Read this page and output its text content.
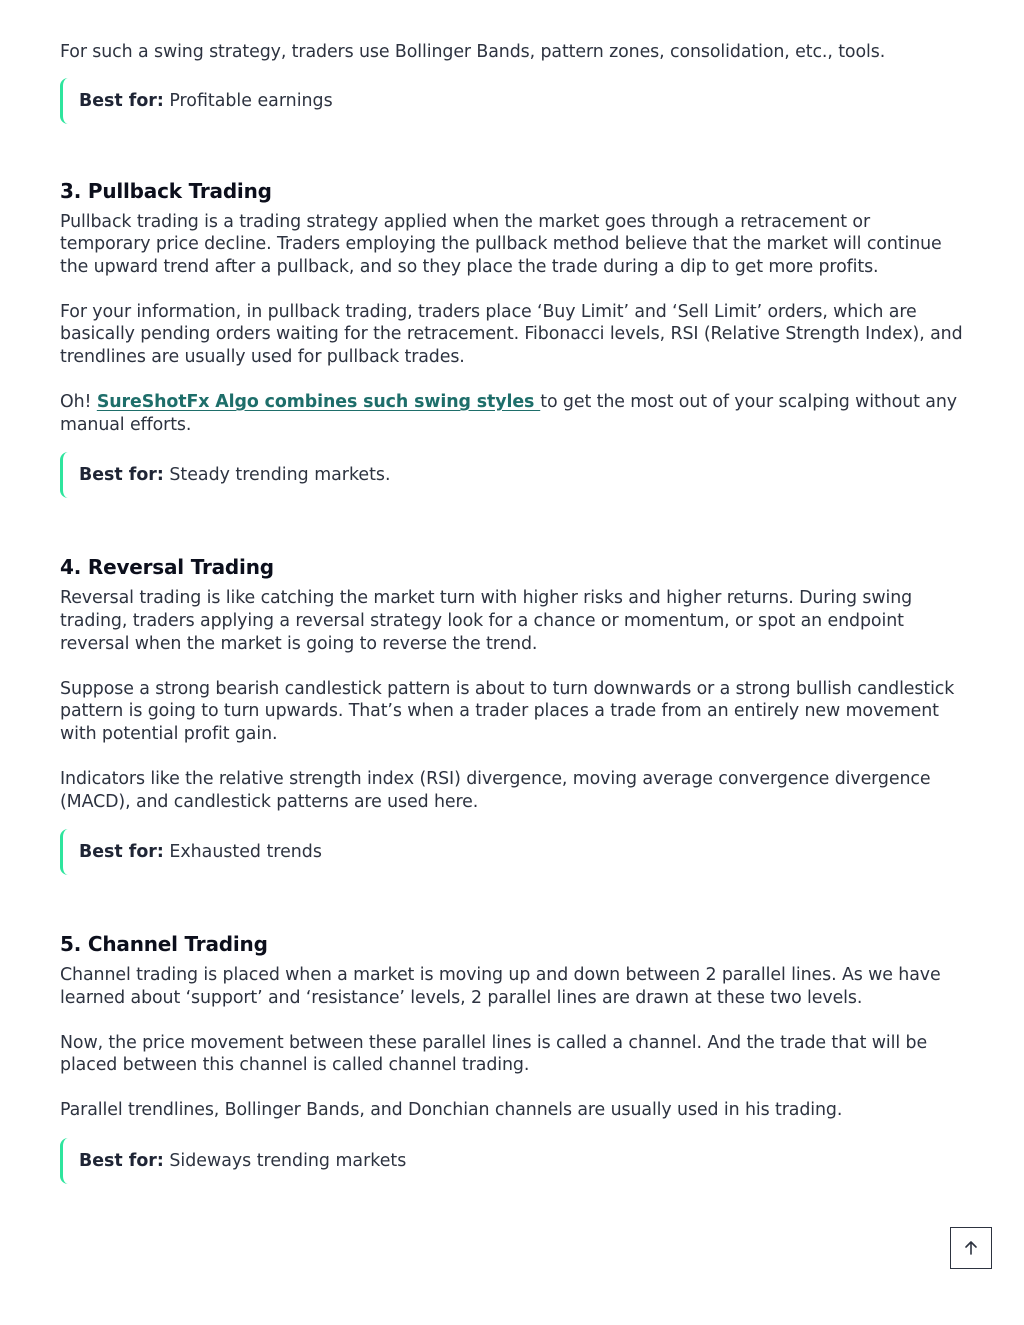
For such a swing strategy, traders use Bollinger Bands, pattern zones, consolidation, etc., tools.

Best for: Profitable earnings
3. Pullback Trading

Pullback trading is a trading strategy applied when the market goes through a retracement or temporary price decline. Traders employing the pullback method believe that the market will continue the upward trend after a pullback, and so they place the trade during a dip to get more profits.

For your information, in pullback trading, traders place ‘Buy Limit’ and ‘Sell Limit’ orders, which are basically pending orders waiting for the retracement. Fibonacci levels, RSI (Relative Strength Index), and trendlines are usually used for pullback trades.

Oh! SureShotFx Algo combines such swing styles to get the most out of your scalping without any manual efforts.

Best for: Steady trending markets.
4. Reversal Trading

Reversal trading is like catching the market turn with higher risks and higher returns. During swing trading, traders applying a reversal strategy look for a chance or momentum, or spot an endpoint reversal when the market is going to reverse the trend.

Suppose a strong bearish candlestick pattern is about to turn downwards or a strong bullish candlestick pattern is going to turn upwards. That’s when a trader places a trade from an entirely new movement with potential profit gain.

Indicators like the relative strength index (RSI) divergence, moving average convergence divergence (MACD), and candlestick patterns are used here.

Best for: Exhausted trends
5. Channel Trading

Channel trading is placed when a market is moving up and down between 2 parallel lines. As we have learned about ‘support’ and ‘resistance’ levels, 2 parallel lines are drawn at these two levels.

Now, the price movement between these parallel lines is called a channel. And the trade that will be placed between this channel is called channel trading.

Parallel trendlines, Bollinger Bands, and Donchian channels are usually used in his trading.

Best for: Sideways trending markets
